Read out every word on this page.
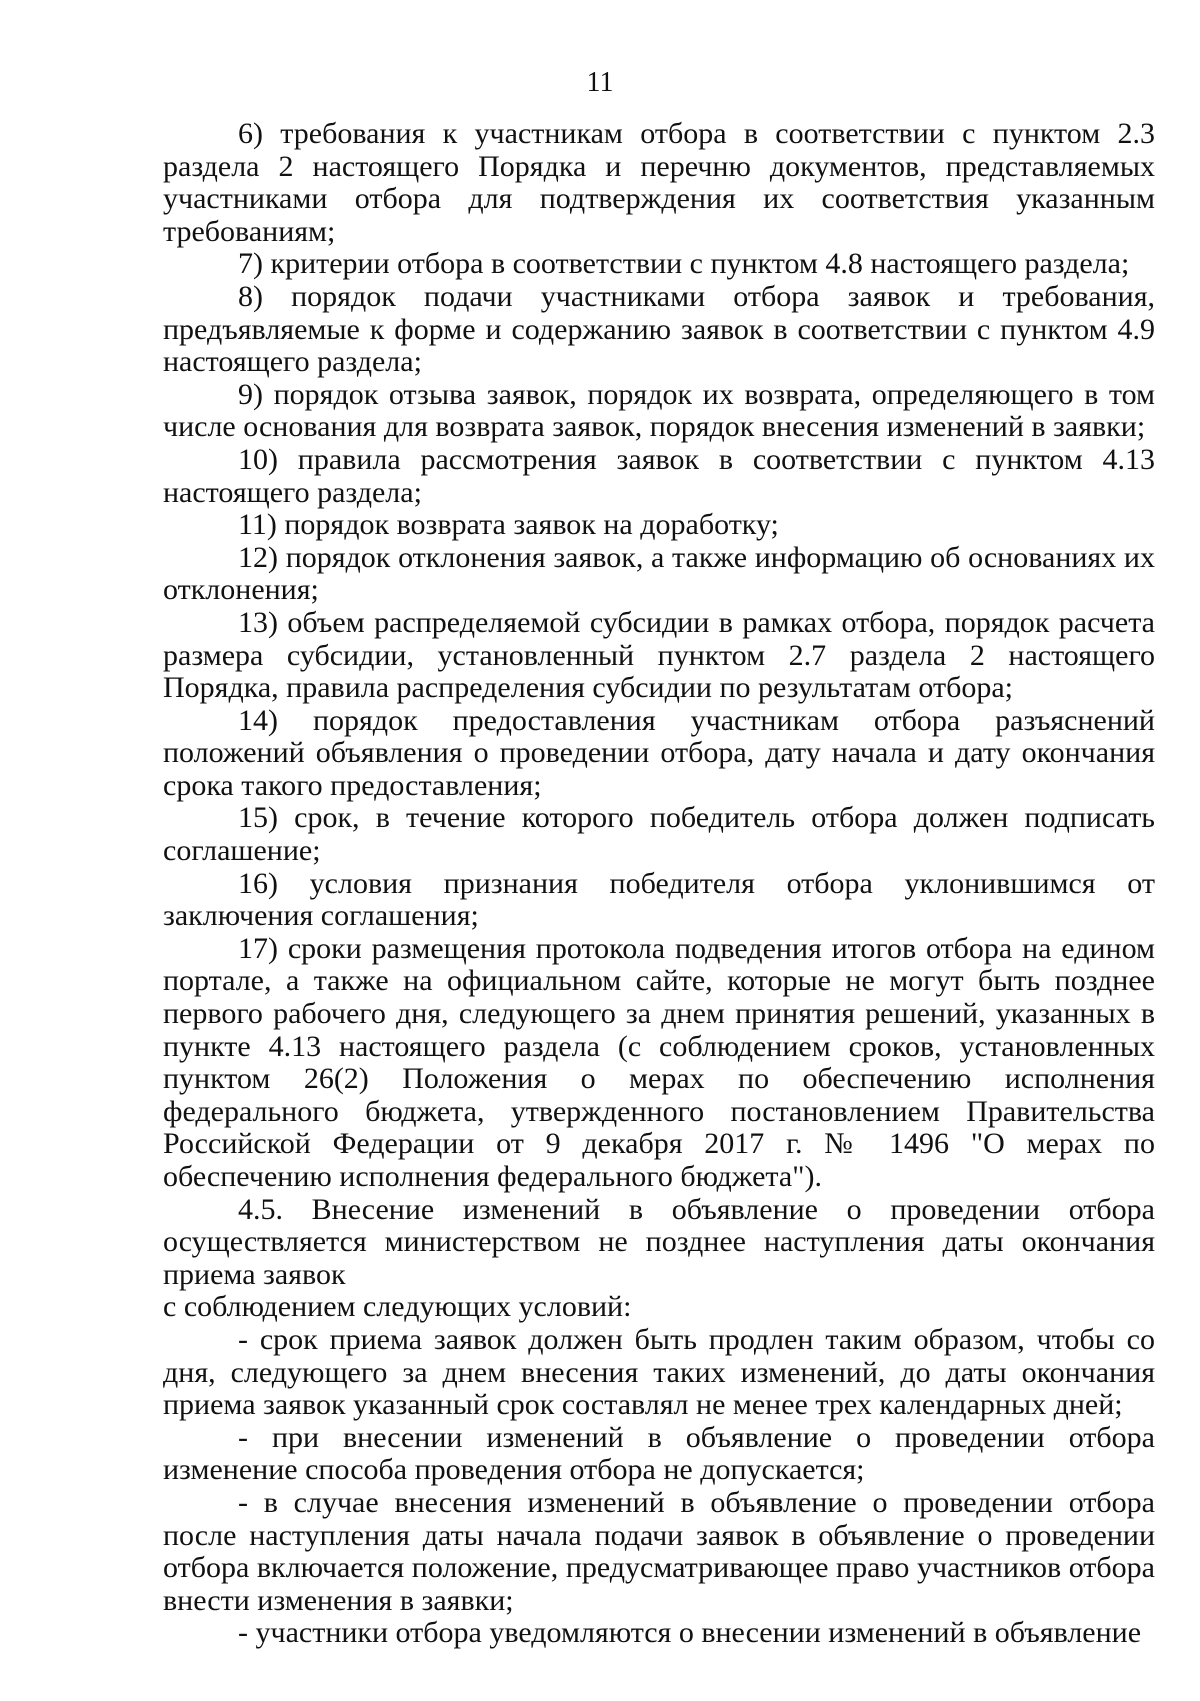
11

6) требования к участникам отбора в соответствии с пунктом 2.3 раздела 2 настоящего Порядка и перечню документов, представляемых участниками отбора для подтверждения их соответствия указанным требованиям;

7) критерии отбора в соответствии с пунктом 4.8 настоящего раздела;

8) порядок подачи участниками отбора заявок и требования, предъявляемые к форме и содержанию заявок в соответствии с пунктом 4.9 настоящего раздела;

9) порядок отзыва заявок, порядок их возврата, определяющего в том числе основания для возврата заявок, порядок внесения изменений в заявки;

10) правила рассмотрения заявок в соответствии с пунктом 4.13 настоящего раздела;

11) порядок возврата заявок на доработку;

12) порядок отклонения заявок, а также информацию об основаниях их отклонения;

13) объем распределяемой субсидии в рамках отбора, порядок расчета размера субсидии, установленный пунктом 2.7 раздела 2 настоящего Порядка, правила распределения субсидии по результатам отбора;

14) порядок предоставления участникам отбора разъяснений положений объявления о проведении отбора, дату начала и дату окончания срока такого предоставления;

15) срок, в течение которого победитель отбора должен подписать соглашение;

16) условия признания победителя отбора уклонившимся от заключения соглашения;

17) сроки размещения протокола подведения итогов отбора на едином портале, а также на официальном сайте, которые не могут быть позднее первого рабочего дня, следующего за днем принятия решений, указанных в пункте 4.13 настоящего раздела (с соблюдением сроков, установленных пунктом 26(2) Положения о мерах по обеспечению исполнения федерального бюджета, утвержденного постановлением Правительства Российской Федерации от 9 декабря 2017 г. № 1496 "О мерах по обеспечению исполнения федерального бюджета").

4.5. Внесение изменений в объявление о проведении отбора осуществляется министерством не позднее наступления даты окончания приема заявок

с соблюдением следующих условий:

- срок приема заявок должен быть продлен таким образом, чтобы со дня, следующего за днем внесения таких изменений, до даты окончания приема заявок указанный срок составлял не менее трех календарных дней;

- при внесении изменений в объявление о проведении отбора изменение способа проведения отбора не допускается;

- в случае внесения изменений в объявление о проведении отбора после наступления даты начала подачи заявок в объявление о проведении отбора включается положение, предусматривающее право участников отбора внести изменения в заявки;

- участники отбора уведомляются о внесении изменений в объявление
